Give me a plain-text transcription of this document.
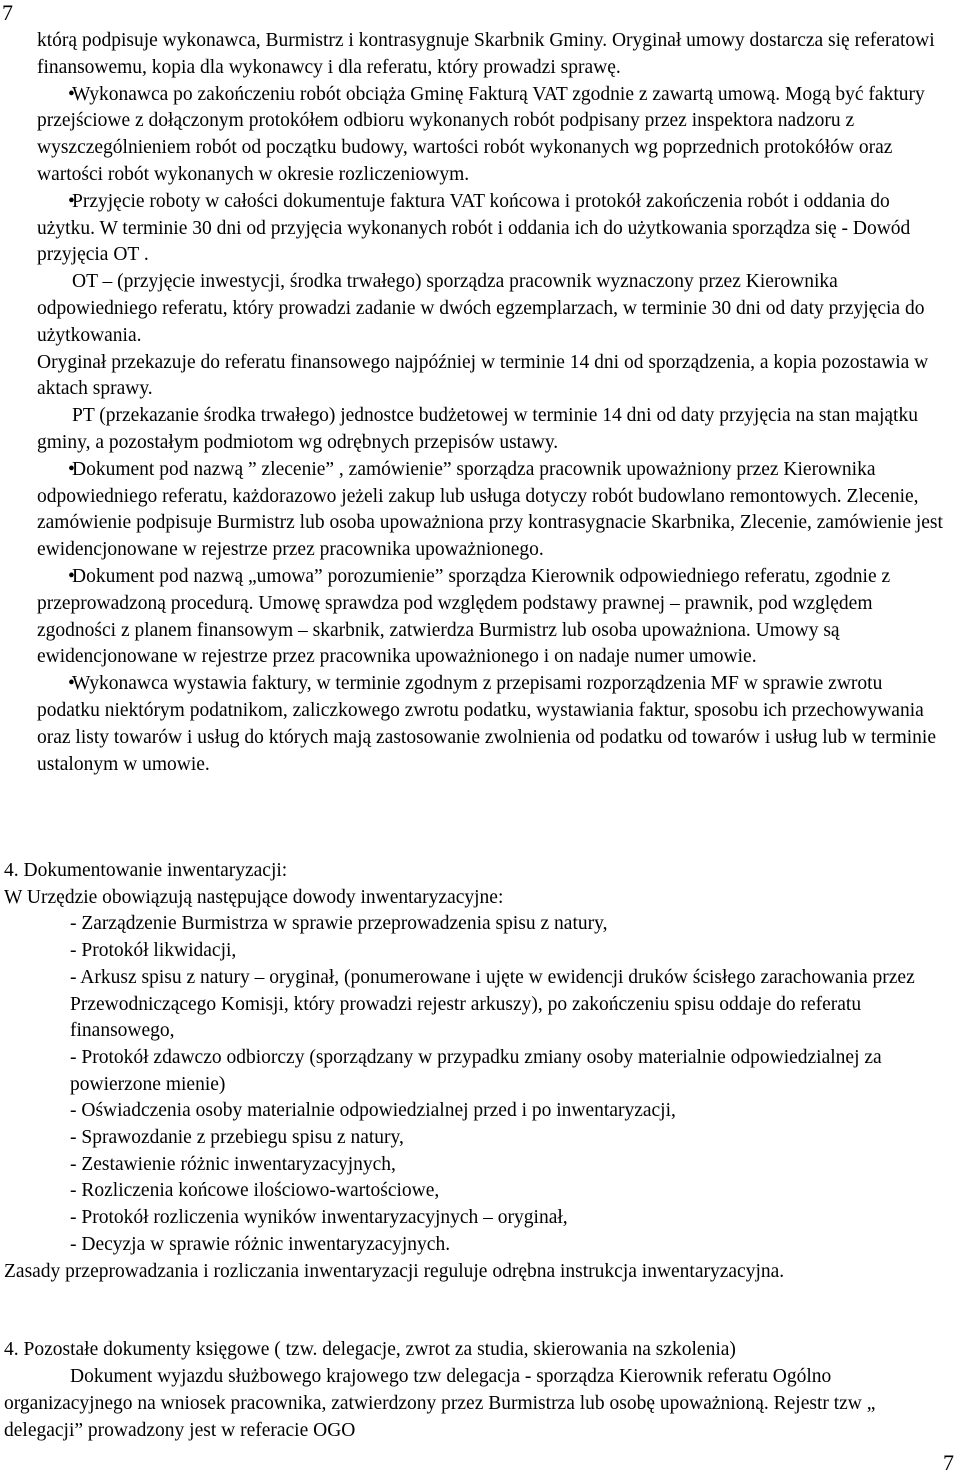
7

którą podpisuje wykonawca, Burmistrz i kontrasygnuje Skarbnik Gminy. Oryginał umowy dostarcza się referatowi finansowemu, kopia dla wykonawcy i dla referatu, który prowadzi sprawę.

• Wykonawca po zakończeniu robót obciąża Gminę Fakturą VAT zgodnie z zawartą umową. Mogą być faktury przejściowe z dołączonym protokółem odbioru wykonanych robót podpisany przez inspektora nadzoru z wyszczególnieniem robót od początku budowy, wartości robót wykonanych wg poprzednich protokółów oraz wartości robót wykonanych w okresie rozliczeniowym.

• Przyjęcie roboty w całości dokumentuje faktura VAT końcowa i protokół zakończenia robót i oddania do użytku. W terminie 30 dni od przyjęcia wykonanych robót i oddania ich do użytkowania sporządza się - Dowód przyjęcia OT .

OT – (przyjęcie inwestycji, środka trwałego) sporządza pracownik wyznaczony przez Kierownika odpowiedniego referatu, który prowadzi zadanie w dwóch egzemplarzach, w terminie 30 dni od daty przyjęcia do użytkowania.

Oryginał przekazuje do referatu finansowego najpóźniej w terminie 14 dni od sporządzenia, a kopia pozostawia w aktach sprawy.

PT (przekazanie środka trwałego) jednostce budżetowej w terminie 14 dni od daty przyjęcia na stan majątku gminy, a pozostałym podmiotom wg odrębnych przepisów ustawy.

• Dokument pod nazwą ” zlecenie” , zamówienie” sporządza pracownik upoważniony przez Kierownika odpowiedniego referatu, każdorazowo jeżeli zakup lub usługa dotyczy robót budowlano remontowych. Zlecenie, zamówienie podpisuje Burmistrz lub osoba upoważniona przy kontrasygnacie Skarbnika, Zlecenie, zamówienie jest ewidencjonowane w rejestrze przez pracownika upoważnionego.

• Dokument pod nazwą „umowa” porozumienie” sporządza Kierownik odpowiedniego referatu, zgodnie z przeprowadzoną procedurą. Umowę sprawdza pod względem podstawy prawnej – prawnik, pod względem zgodności z planem finansowym – skarbnik, zatwierdza Burmistrz lub osoba upoważniona. Umowy są ewidencjonowane w rejestrze przez pracownika upoważnionego i on nadaje numer umowie.

• Wykonawca wystawia faktury, w terminie zgodnym z przepisami rozporządzenia MF w sprawie zwrotu podatku niektórym podatnikom, zaliczkowego zwrotu podatku, wystawiania faktur, sposobu ich przechowywania oraz listy towarów i usług do których mają zastosowanie zwolnienia od podatku od towarów i usług lub w terminie ustalonym w umowie.

4. Dokumentowanie inwentaryzacji:

W Urzędzie obowiązują następujące dowody inwentaryzacyjne:

- Zarządzenie Burmistrza w sprawie przeprowadzenia spisu z natury,

- Protokół likwidacji,

- Arkusz spisu z natury – oryginał, (ponumerowane i ujęte w ewidencji druków ścisłego zarachowania przez Przewodniczącego Komisji, który prowadzi rejestr arkuszy), po zakończeniu spisu oddaje do referatu finansowego,

- Protokół zdawczo odbiorczy (sporządzany w przypadku zmiany osoby materialnie odpowiedzialnej za powierzone mienie)

- Oświadczenia osoby materialnie odpowiedzialnej przed i po inwentaryzacji,

- Sprawozdanie z przebiegu spisu z natury,

- Zestawienie różnic inwentaryzacyjnych,

- Rozliczenia końcowe ilościowo-wartościowe,

- Protokół rozliczenia wyników inwentaryzacyjnych – oryginał,

- Decyzja w sprawie różnic inwentaryzacyjnych.

Zasady przeprowadzania i rozliczania inwentaryzacji reguluje odrębna instrukcja inwentaryzacyjna.

4. Pozostałe dokumenty księgowe ( tzw. delegacje, zwrot za studia, skierowania na szkolenia)

Dokument wyjazdu służbowego krajowego tzw delegacja - sporządza Kierownik referatu Ogólno organizacyjnego na wniosek pracownika, zatwierdzony przez Burmistrza lub osobę upoważnioną. Rejestr tzw „ delegacji” prowadzony jest w referacie OGO

7
